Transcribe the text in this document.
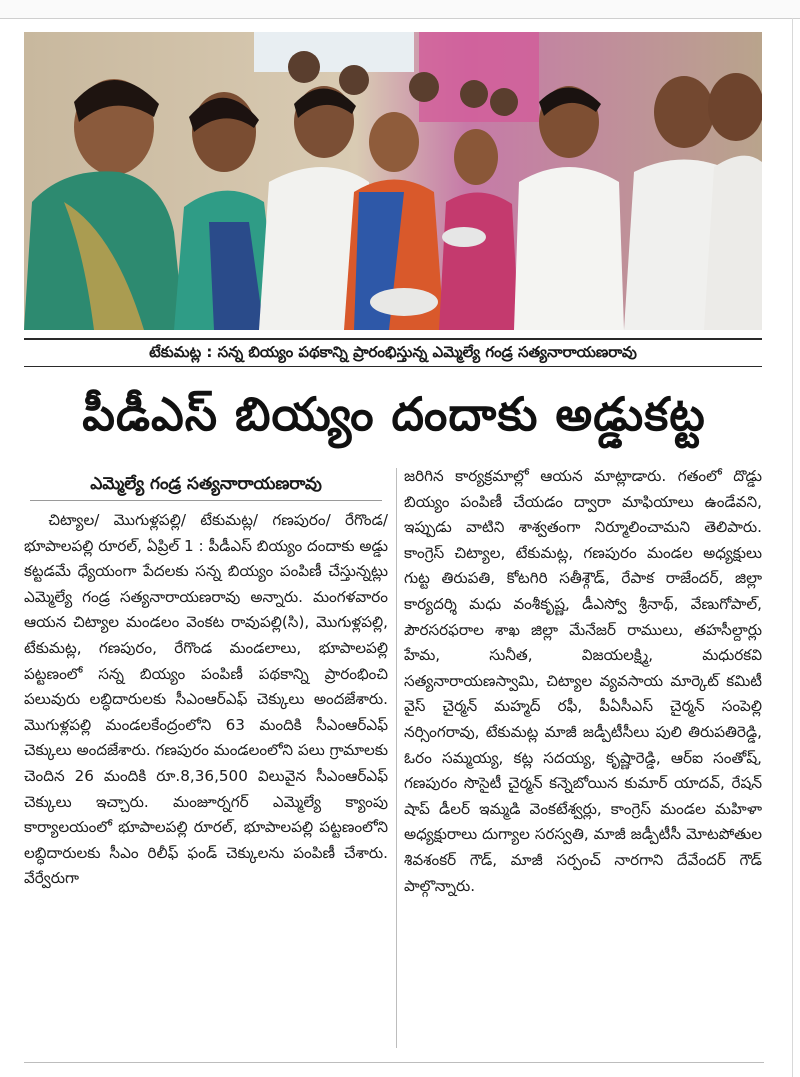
టేకుమట్ల : సన్న బియ్యం పథకాన్ని ప్రారంభిస్తున్న ఎమ్మెల్యే గండ్ర సత్యనారాయణరావు
పీడీఎస్ బియ్యం దందాకు అడ్డుకట్ట
ఎమ్మెల్యే గండ్ర సత్యనారాయణరావు
చిట్యాల/ మొగుళ్లపల్లి/ టేకుమట్ల/ గణపురం/ రేగొండ/ భూపాలపల్లి రూరల్, ఏప్రిల్ 1 : పీడీఎస్ బియ్యం దందాకు అడ్డు కట్టడమే ధ్యేయంగా పేదలకు సన్న బియ్యం పంపిణీ చేస్తున్నట్లు ఎమ్మెల్యే గండ్ర సత్యనారాయణరావు అన్నారు. మంగళవారం ఆయన చిట్యాల మండలం వెంకట రావుపల్లి(సి), మొగుళ్లపల్లి, టేకుమట్ల, గణపురం, రేగొండ మండలాలు, భూపాలపల్లి పట్టణంలో సన్న బియ్యం పంపిణీ పథకాన్ని ప్రారంభించి పలువురు లబ్ధిదారులకు సీఎంఆర్ఎఫ్ చెక్కులు అందజేశారు. మొగుళ్లపల్లి మండలకేంద్రంలోని 63 మందికి సీఎంఆర్ఎఫ్ చెక్కులు అందజేశారు. గణపురం మండలంలోని పలు గ్రామాలకు చెందిన 26 మందికి రూ.8,36,500 విలువైన సీఎంఆర్ఎఫ్ చెక్కులు ఇచ్చారు. మంజూర్నగర్ ఎమ్మెల్యే క్యాంపు కార్యాలయంలో భూపాలపల్లి రూరల్, భూపాలపల్లి పట్టణంలోని లబ్ధిదారులకు సీఎం రిలీఫ్ ఫండ్ చెక్కులను పంపిణీ చేశారు. వేర్వేరుగా
జరిగిన కార్యక్రమాల్లో ఆయన మాట్లాడారు. గతంలో దొడ్డు బియ్యం పంపిణీ చేయడం ద్వారా మాఫియాలు ఉండేవని, ఇప్పుడు వాటిని శాశ్వతంగా నిర్మూలించామని తెలిపారు. కాంగ్రెస్ చిట్యాల, టేకుమట్ల, గణపురం మండల అధ్యక్షులు గుట్ట తిరుపతి, కోటగిరి సతీశ్గౌడ్, రేపాక రాజేందర్, జిల్లా కార్యదర్శి మధు వంశీకృష్ణ, డీఎస్వో శ్రీనాథ్, వేణుగోపాల్, పౌరసరఫరాల శాఖ జిల్లా మేనేజర్ రాములు, తహసీల్దార్లు హేమ, సునీత, విజయలక్ష్మి, మధురకవి సత్యనారాయణస్వామి, చిట్యాల వ్యవసాయ మార్కెట్ కమిటీ వైస్ చైర్మన్ మహ్మద్ రఫీ, పీఏసీఎస్ చైర్మన్ సంపెల్లి నర్సింగరావు, టేకుమట్ల మాజీ జడ్పీటీసీలు పులి తిరుపతిరెడ్డి, ఓరం సమ్మయ్య, కట్ల సదయ్య, కృష్ణారెడ్డి, ఆర్ఐ సంతోష్, గణపురం సొసైటీ చైర్మన్ కన్నెబోయిన కుమార్ యాదవ్, రేషన్ షాప్ డీలర్ ఇమ్మడి వెంకటేశ్వర్లు, కాంగ్రెస్ మండల మహిళా అధ్యక్షురాలు దుగ్యాల సరస్వతి, మాజీ జడ్పీటీసీ మోటపోతుల శివశంకర్ గౌడ్, మాజీ సర్పంచ్ నారగాని దేవేందర్ గౌడ్ పాల్గొన్నారు.
